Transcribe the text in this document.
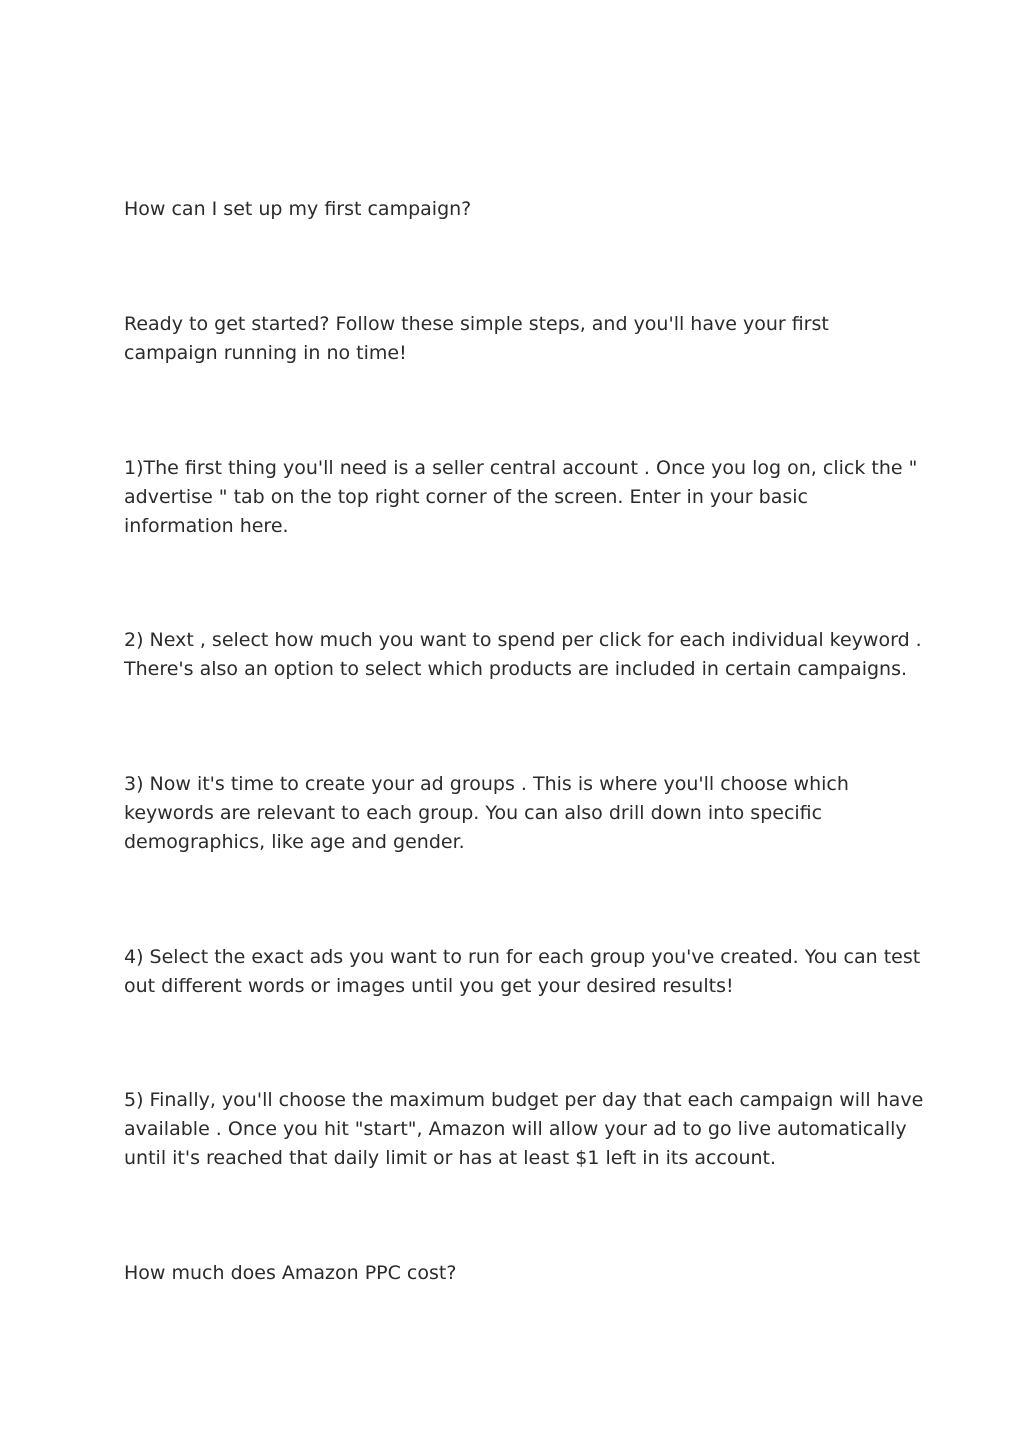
How can I set up my first campaign?

Ready to get started? Follow these simple steps, and you'll have your first
campaign running in no time!

1)The first thing you'll need is a seller central account . Once you log on, click the "
advertise " tab on the top right corner of the screen. Enter in your basic
information here.

2) Next , select how much you want to spend per click for each individual keyword .
There's also an option to select which products are included in certain campaigns.

3) Now it's time to create your ad groups . This is where you'll choose which
keywords are relevant to each group. You can also drill down into specific
demographics, like age and gender.

4) Select the exact ads you want to run for each group you've created. You can test
out different words or images until you get your desired results!

5) Finally, you'll choose the maximum budget per day that each campaign will have
available . Once you hit "start", Amazon will allow your ad to go live automatically
until it's reached that daily limit or has at least $1 left in its account.

How much does Amazon PPC cost?
